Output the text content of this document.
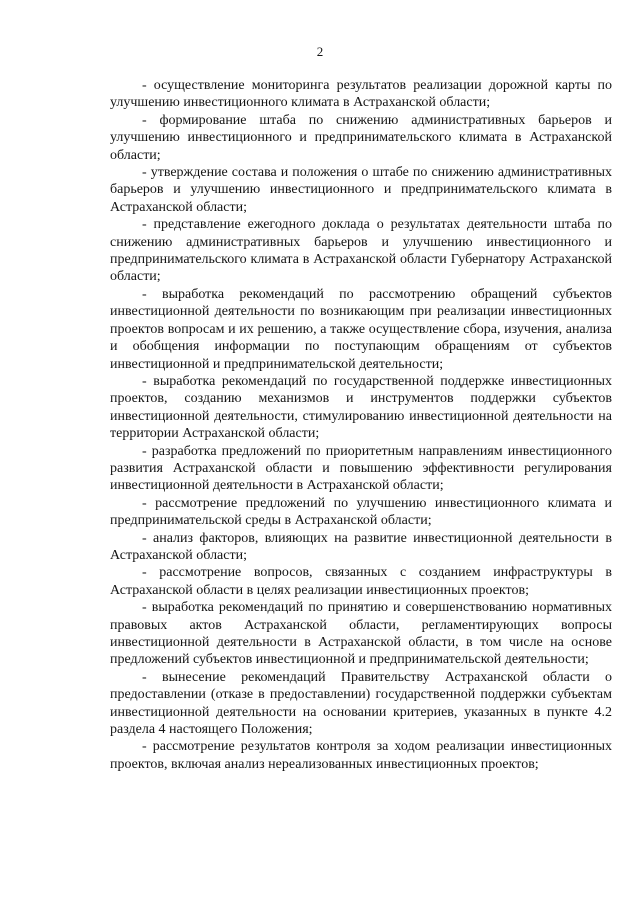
2

- осуществление мониторинга результатов реализации дорожной карты по улучшению инвестиционного климата в Астраханской области;

- формирование штаба по снижению административных барьеров и улучшению инвестиционного и предпринимательского климата в Астраханской области;

- утверждение состава и положения о штабе по снижению административных барьеров и улучшению инвестиционного и предпринимательского климата в Астраханской области;

- представление ежегодного доклада о результатах деятельности штаба по снижению административных барьеров и улучшению инвестиционного и предпринимательского климата в Астраханской области Губернатору Астраханской области;

- выработка рекомендаций по рассмотрению обращений субъектов инвестиционной деятельности по возникающим при реализации инвестиционных проектов вопросам и их решению, а также осуществление сбора, изучения, анализа и обобщения информации по поступающим обращениям от субъектов инвестиционной и предпринимательской деятельности;

- выработка рекомендаций по государственной поддержке инвестиционных проектов, созданию механизмов и инструментов поддержки субъектов инвестиционной деятельности, стимулированию инвестиционной деятельности на территории Астраханской области;

- разработка предложений по приоритетным направлениям инвестиционного развития Астраханской области и повышению эффективности регулирования инвестиционной деятельности в Астраханской области;

- рассмотрение предложений по улучшению инвестиционного климата и предпринимательской среды в Астраханской области;

- анализ факторов, влияющих на развитие инвестиционной деятельности в Астраханской области;

- рассмотрение вопросов, связанных с созданием инфраструктуры в Астраханской области в целях реализации инвестиционных проектов;

- выработка рекомендаций по принятию и совершенствованию нормативных правовых актов Астраханской области, регламентирующих вопросы инвестиционной деятельности в Астраханской области, в том числе на основе предложений субъектов инвестиционной и предпринимательской деятельности;

- вынесение рекомендаций Правительству Астраханской области о предоставлении (отказе в предоставлении) государственной поддержки субъектам инвестиционной деятельности на основании критериев, указанных в пункте 4.2 раздела 4 настоящего Положения;

- рассмотрение результатов контроля за ходом реализации инвестиционных проектов, включая анализ нереализованных инвестиционных проектов;
